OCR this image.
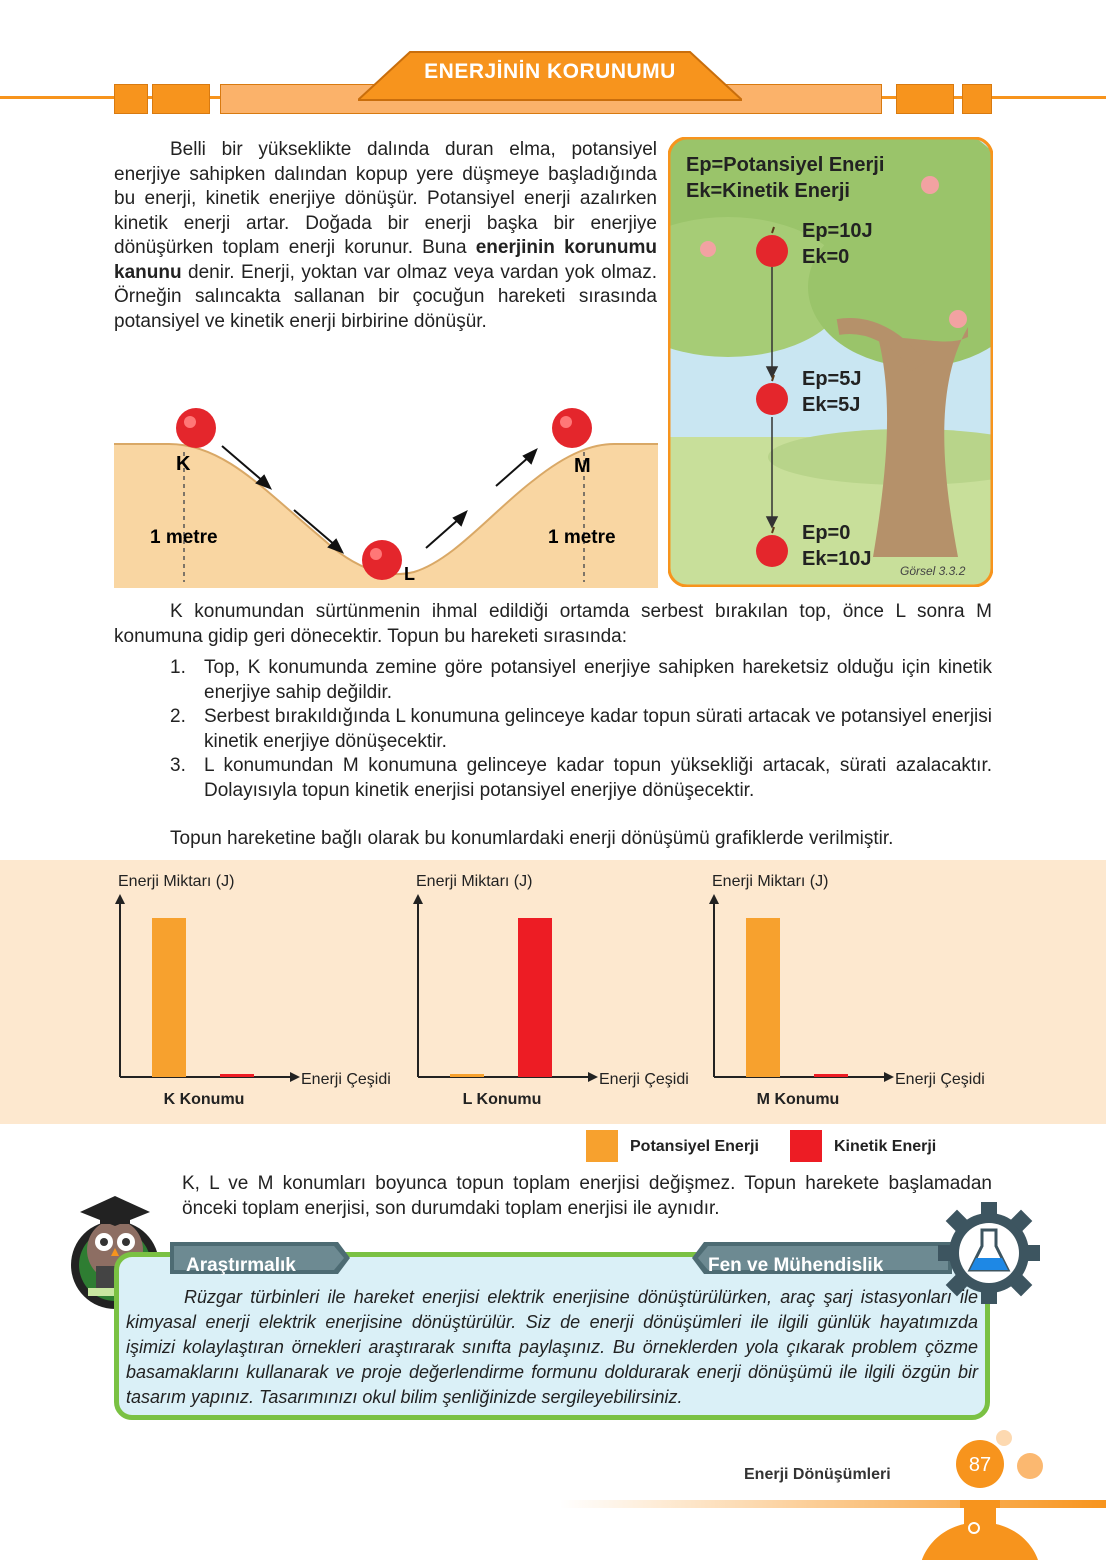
ENERJİNİN KORUNUMU

Belli bir yükseklikte dalında duran elma, potansiyel enerjiye sahipken dalından kopup yere düşmeye başladığında bu enerji, kinetik enerjiye dönüşür. Potansiyel enerji azalırken kinetik enerji artar. Doğada bir enerji başka bir enerjiye dönüşürken toplam enerji korunur. Buna enerjinin korunumu kanunu denir. Enerji, yoktan var olmaz veya vardan yok olmaz. Örneğin salıncakta sallanan bir çocuğun hareketi sırasında potansiyel ve kinetik enerji birbirine dönüşür.

K
L
M
1 metre	1 metre
Ep=Potansiyel Enerji
Ek=Kinetik Enerji
Ep=10J
Ek=0
Ep=5J
Ek=5J
Ep=0
Ek=10J
Görsel 3.3.2

K konumundan sürtünmenin ihmal edildiği ortamda serbest bırakılan top, önce L sonra M konumuna gidip geri dönecektir. Topun bu hareketi sırasında:

1. Top, K konumunda zemine göre potansiyel enerjiye sahipken hareketsiz olduğu için kinetik enerjiye sahip değildir.
2. Serbest bırakıldığında L konumuna gelinceye kadar topun sürati artacak ve potansiyel enerjisi kinetik enerjiye dönüşecektir.
3. L konumundan M konumuna gelinceye kadar topun yüksekliği artacak, sürati azalacaktır. Dolayısıyla topun kinetik enerjisi potansiyel enerjiye dönüşecektir.

Topun hareketine bağlı olarak bu konumlardaki enerji dönüşümü grafiklerde verilmiştir.

Enerji Miktarı (J)
Enerji Çeşidi
K Konumu
Enerji Miktarı (J)
Enerji Çeşidi
L Konumu
Enerji Miktarı (J)
Enerji Çeşidi
M Konumu
Potansiyel Enerji	Kinetik Enerji

K, L ve M konumları boyunca topun toplam enerjisi değişmez. Topun harekete başlamadan önceki toplam enerjisi, son durumdaki toplam enerjisi ile aynıdır.

Araştırmalık	Fen ve Mühendislik

Rüzgar türbinleri ile hareket enerjisi elektrik enerjisine dönüştürülürken, araç şarj istasyonları ile kimyasal enerji elektrik enerjisine dönüştürülür. Siz de enerji dönüşümleri ile ilgili günlük hayatımızda işimizi kolaylaştıran örnekleri araştırarak sınıfta paylaşınız. Bu örneklerden yola çıkarak problem çözme basamaklarını kullanarak ve proje değerlendirme formunu doldurarak enerji dönüşümü ile ilgili özgün bir tasarım yapınız. Tasarımınızı okul bilim şenliğinizde sergileyebilirsiniz.

Enerji Dönüşümleri	87
